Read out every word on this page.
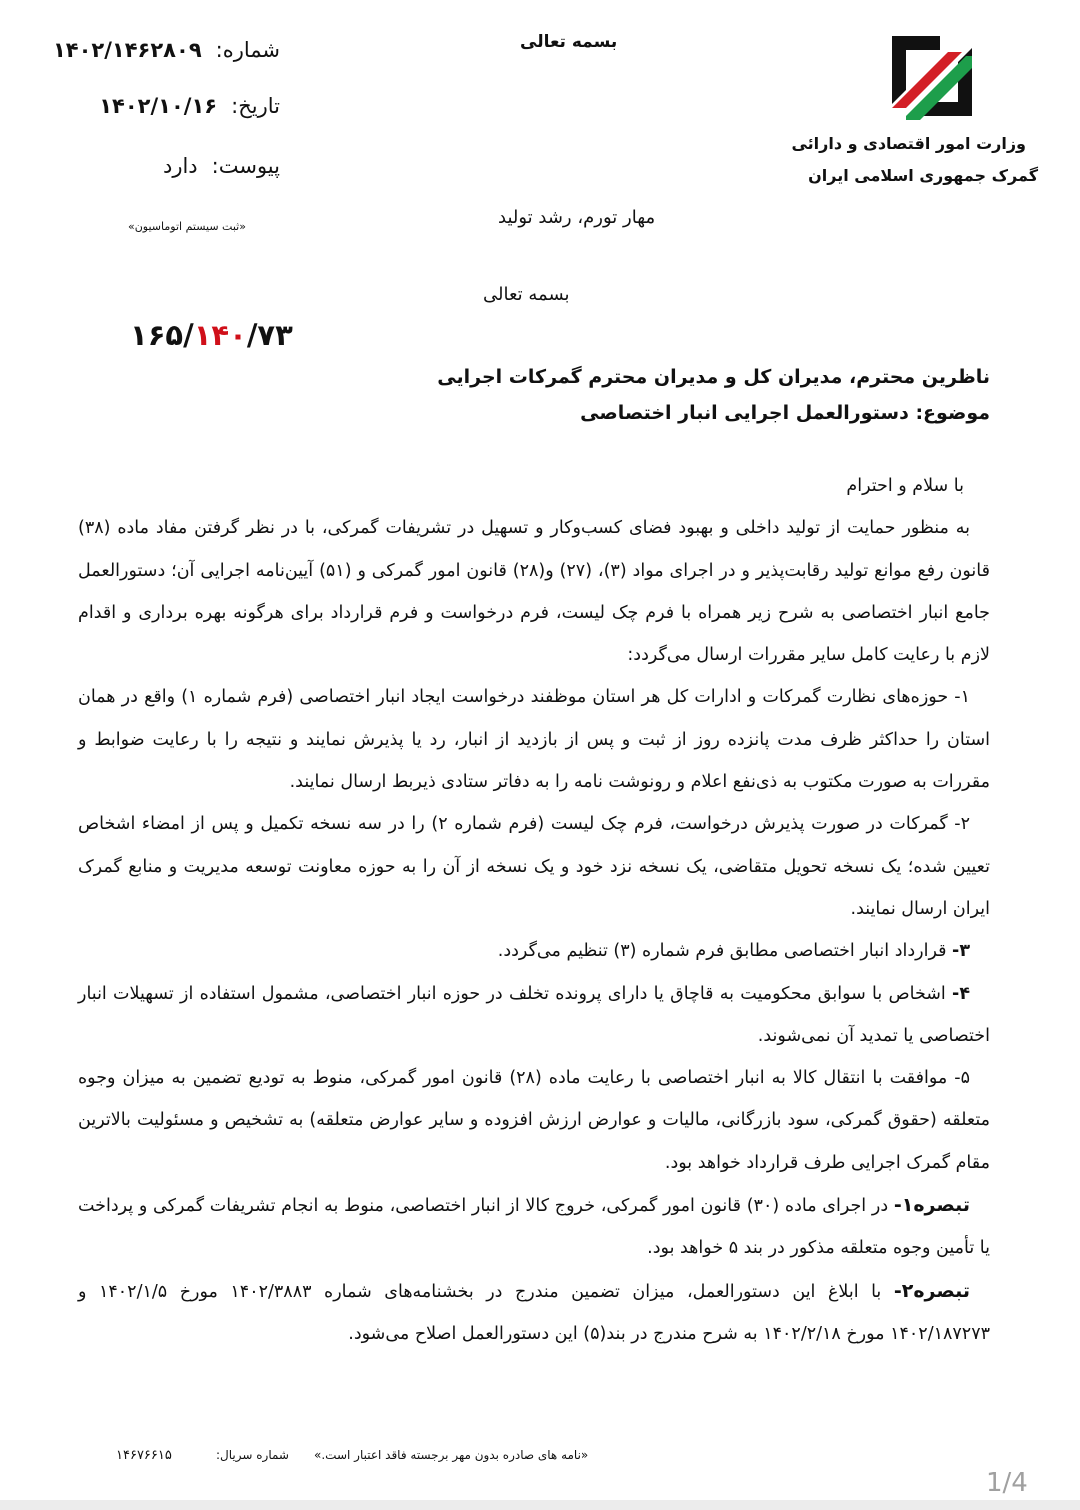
بسمه تعالی
شماره:۱۴۰۲/۱۴۶۲۸۰۹
تاریخ:۱۴۰۲/۱۰/۱۶
پیوست:دارد
«ثبت سیستم اتوماسیون»
وزارت امور اقتصادی و دارائی
گمرک جمهوری اسلامی ایران
مهار تورم، رشد تولید
بسمه تعالی
۱۶۵/۱۴۰/۷۳
ناظرین محترم، مدیران کل و مدیران محترم گمرکات اجرایی
موضوع: دستورالعمل اجرایی انبار اختصاصی

با سلام و احترام

به منظور حمایت از تولید داخلی و بهبود فضای کسب‌وکار و تسهیل در تشریفات گمرکی، با در نظر گرفتن مفاد ماده (۳۸) قانون رفع موانع تولید رقابت‌پذیر و در اجرای مواد (۳)، (۲۷) و(۲۸) قانون امور گمرکی و (۵۱) آیین‌نامه اجرایی آن؛ دستورالعمل جامع انبار اختصاصی به شرح زیر همراه با فرم چک لیست، فرم درخواست و فرم قرارداد برای هرگونه بهره برداری و اقدام لازم با رعایت کامل سایر مقررات ارسال می‌گردد:

۱- حوزه‌های نظارت گمرکات و ادارات کل هر استان موظفند درخواست ایجاد انبار اختصاصی (فرم شماره ۱) واقع در همان استان را حداکثر ظرف مدت پانزده روز از ثبت و پس از بازدید از انبار، رد یا پذیرش نمایند و نتیجه را با رعایت ضوابط و مقررات به صورت مکتوب به ذی‌نفع اعلام و رونوشت نامه را به دفاتر ستادی ذیربط ارسال نمایند.

۲- گمرکات در صورت پذیرش درخواست، فرم چک لیست (فرم شماره ۲) را در سه نسخه تکمیل و پس از امضاء اشخاص تعیین شده؛ یک نسخه تحویل متقاضی، یک نسخه نزد خود و یک نسخه از آن را به حوزه معاونت توسعه مدیریت و منابع گمرک ایران ارسال نمایند.

۳- قرارداد انبار اختصاصی مطابق فرم شماره (۳) تنظیم می‌گردد.

۴- اشخاص با سوابق محکومیت به قاچاق یا دارای پرونده تخلف در حوزه انبار اختصاصی، مشمول استفاده از تسهیلات انبار اختصاصی یا تمدید آن نمی‌شوند.

۵- موافقت با انتقال کالا به انبار اختصاصی با رعایت ماده (۲۸) قانون امور گمرکی، منوط به تودیع تضمین به میزان وجوه متعلقه (حقوق گمرکی، سود بازرگانی، مالیات و عوارض ارزش افزوده و سایر عوارض متعلقه) به تشخیص و مسئولیت بالاترین مقام گمرک اجرایی طرف قرارداد خواهد بود.

تبصره۱- در اجرای ماده (۳۰) قانون امور گمرکی، خروج کالا از انبار اختصاصی، منوط به انجام تشریفات گمرکی و پرداخت یا تأمین وجوه متعلقه مذکور در بند ۵ خواهد بود.

تبصره۲- با ابلاغ این دستورالعمل، میزان تضمین مندرج در بخشنامه‌های شماره ۱۴۰۲/۳۸۸۳ مورخ ۱۴۰۲/۱/۵ و ۱۴۰۲/۱۸۷۲۷۳ مورخ ۱۴۰۲/۲/۱۸ به شرح مندرج در بند(۵) این دستورالعمل اصلاح می‌شود.

«نامه های صادره بدون مهر برجسته فاقد اعتبار است.»
شماره سریال:
۱۴۶۷۶۶۱۵
1/4
